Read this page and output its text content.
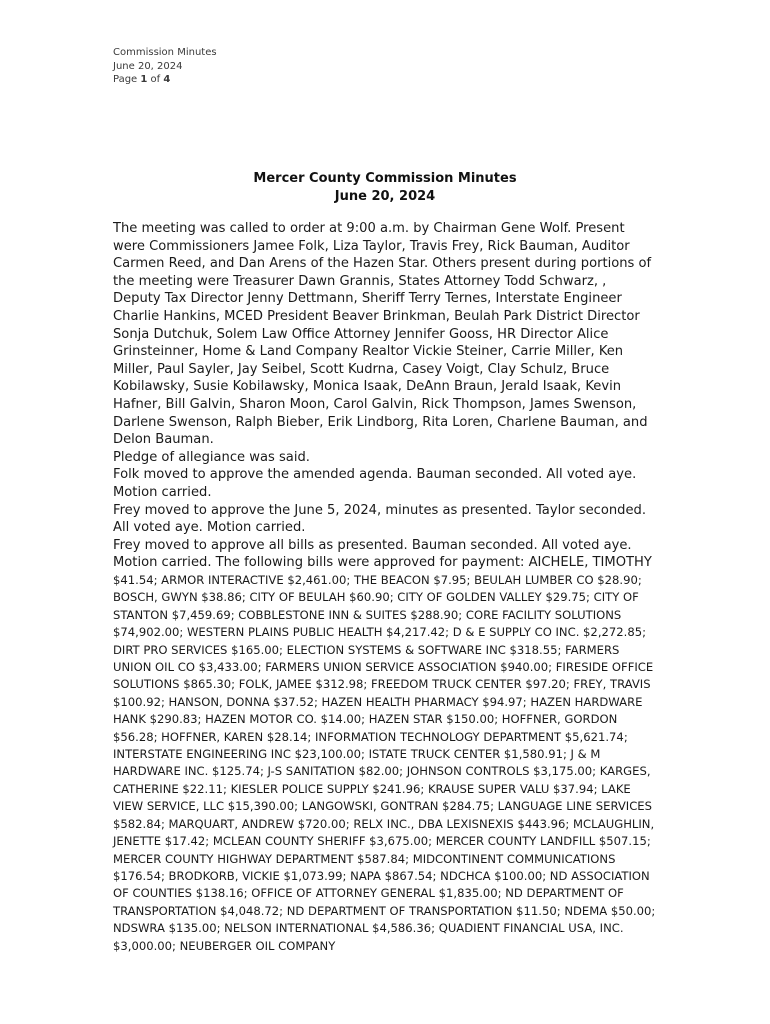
Commission Minutes
June 20, 2024
Page 1 of 4
Mercer County Commission Minutes
June 20, 2024

The meeting was called to order at 9:00 a.m. by Chairman Gene Wolf. Present were Commissioners Jamee Folk, Liza Taylor, Travis Frey, Rick Bauman, Auditor Carmen Reed, and Dan Arens of the Hazen Star. Others present during portions of the meeting were Treasurer Dawn Grannis, States Attorney Todd Schwarz, , Deputy Tax Director Jenny Dettmann, Sheriff Terry Ternes, Interstate Engineer Charlie Hankins, MCED President Beaver Brinkman, Beulah Park District Director Sonja Dutchuk, Solem Law Office Attorney Jennifer Gooss, HR Director Alice Grinsteinner, Home & Land Company Realtor Vickie Steiner, Carrie Miller, Ken Miller, Paul Sayler, Jay Seibel, Scott Kudrna, Casey Voigt, Clay Schulz, Bruce Kobilawsky, Susie Kobilawsky, Monica Isaak, DeAnn Braun, Jerald Isaak, Kevin Hafner, Bill Galvin, Sharon Moon, Carol Galvin, Rick Thompson, James Swenson, Darlene Swenson, Ralph Bieber, Erik Lindborg, Rita Loren, Charlene Bauman, and Delon Bauman.

Pledge of allegiance was said.

Folk moved to approve the amended agenda. Bauman seconded. All voted aye. Motion carried.

Frey moved to approve the June 5, 2024, minutes as presented. Taylor seconded. All voted aye. Motion carried.

Frey moved to approve all bills as presented. Bauman seconded. All voted aye. Motion carried. The following bills were approved for payment: AICHELE, TIMOTHY

$41.54; ARMOR INTERACTIVE $2,461.00; THE BEACON $7.95; BEULAH LUMBER CO $28.90; BOSCH, GWYN $38.86; CITY OF BEULAH $60.90; CITY OF GOLDEN VALLEY $29.75; CITY OF STANTON $7,459.69; COBBLESTONE INN & SUITES $288.90; CORE FACILITY SOLUTIONS $74,902.00; WESTERN PLAINS PUBLIC HEALTH $4,217.42; D & E SUPPLY CO INC. $2,272.85; DIRT PRO SERVICES $165.00; ELECTION SYSTEMS & SOFTWARE INC $318.55; FARMERS UNION OIL CO $3,433.00; FARMERS UNION SERVICE ASSOCIATION $940.00; FIRESIDE OFFICE SOLUTIONS $865.30; FOLK, JAMEE $312.98; FREEDOM TRUCK CENTER $97.20; FREY, TRAVIS $100.92; HANSON, DONNA $37.52; HAZEN HEALTH PHARMACY $94.97; HAZEN HARDWARE HANK $290.83; HAZEN MOTOR CO. $14.00; HAZEN STAR $150.00; HOFFNER, GORDON $56.28; HOFFNER, KAREN $28.14; INFORMATION TECHNOLOGY DEPARTMENT $5,621.74; INTERSTATE ENGINEERING INC $23,100.00; ISTATE TRUCK CENTER $1,580.91; J & M HARDWARE INC. $125.74; J-S SANITATION $82.00; JOHNSON CONTROLS $3,175.00; KARGES, CATHERINE $22.11; KIESLER POLICE SUPPLY $241.96; KRAUSE SUPER VALU $37.94; LAKE VIEW SERVICE, LLC $15,390.00; LANGOWSKI, GONTRAN $284.75; LANGUAGE LINE SERVICES $582.84; MARQUART, ANDREW $720.00; RELX INC., DBA LEXISNEXIS $443.96; MCLAUGHLIN, JENETTE $17.42; MCLEAN COUNTY SHERIFF $3,675.00; MERCER COUNTY LANDFILL $507.15; MERCER COUNTY HIGHWAY DEPARTMENT $587.84; MIDCONTINENT COMMUNICATIONS $176.54; BRODKORB, VICKIE $1,073.99; NAPA $867.54; NDCHCA $100.00; ND ASSOCIATION OF COUNTIES $138.16; OFFICE OF ATTORNEY GENERAL $1,835.00; ND DEPARTMENT OF TRANSPORTATION $4,048.72; ND DEPARTMENT OF TRANSPORTATION $11.50; NDEMA $50.00; NDSWRA $135.00; NELSON INTERNATIONAL $4,586.36; QUADIENT FINANCIAL USA, INC. $3,000.00; NEUBERGER OIL COMPANY
